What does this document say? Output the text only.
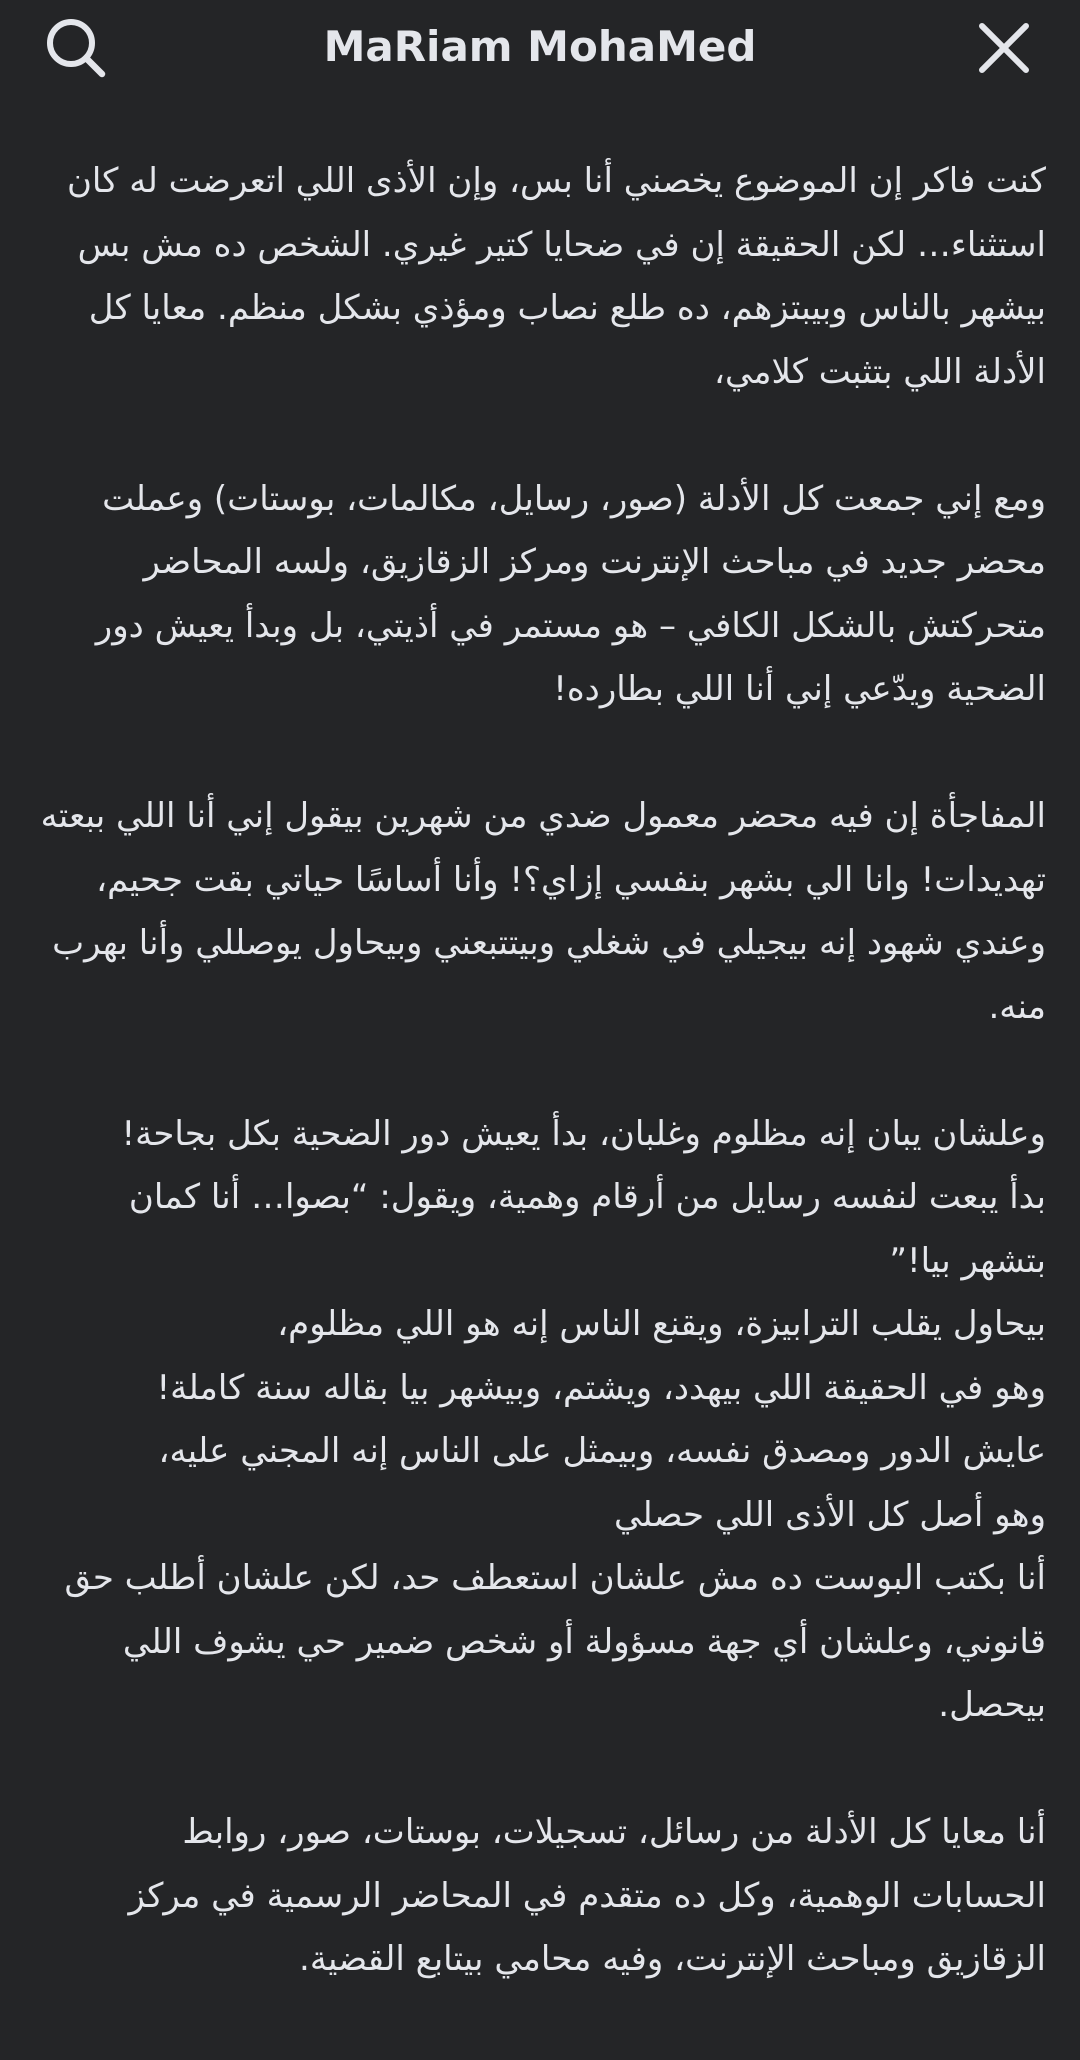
MaRiam MohaMed

كنت فاكر إن الموضوع يخصني أنا بس، وإن الأذى اللي اتعرضت له كان استثناء… لكن الحقيقة إن في ضحايا كتير غيري. الشخص ده مش بس بيشهر بالناس وبيبتزهم، ده طلع نصاب ومؤذي بشكل منظم. معايا كل الأدلة اللي بتثبت كلامي،

ومع إني جمعت كل الأدلة (صور، رسايل، مكالمات، بوستات) وعملت محضر جديد في مباحث الإنترنت ومركز الزقازيق، ولسه المحاضر متحركتش بالشكل الكافي – هو مستمر في أذيتي، بل وبدأ يعيش دور الضحية ويدّعي إني أنا اللي بطارده!

المفاجأة إن فيه محضر معمول ضدي من شهرين بيقول إني أنا اللي ببعته تهديدات! وانا الي بشهر بنفسي إزاي؟! وأنا أساسًا حياتي بقت جحيم، وعندي شهود إنه بيجيلي في شغلي وبيتتبعني وبيحاول يوصللي وأنا بهرب منه.

وعلشان يبان إنه مظلوم وغلبان، بدأ يعيش دور الضحية بكل بجاحة!
بدأ يبعت لنفسه رسايل من أرقام وهمية، ويقول: “بصوا… أنا كمان بتشهر بيا!”
بيحاول يقلب الترابيزة، ويقنع الناس إنه هو اللي مظلوم،
وهو في الحقيقة اللي بيهدد، ويشتم، وبيشهر بيا بقاله سنة كاملة!
عايش الدور ومصدق نفسه، وبيمثل على الناس إنه المجني عليه،
وهو أصل كل الأذى اللي حصلي
أنا بكتب البوست ده مش علشان استعطف حد، لكن علشان أطلب حق قانوني، وعلشان أي جهة مسؤولة أو شخص ضمير حي يشوف اللي بيحصل.

أنا معايا كل الأدلة من رسائل، تسجيلات، بوستات، صور، روابط الحسابات الوهمية، وكل ده متقدم في المحاضر الرسمية في مركز الزقازيق ومباحث الإنترنت، وفيه محامي بيتابع القضية.
